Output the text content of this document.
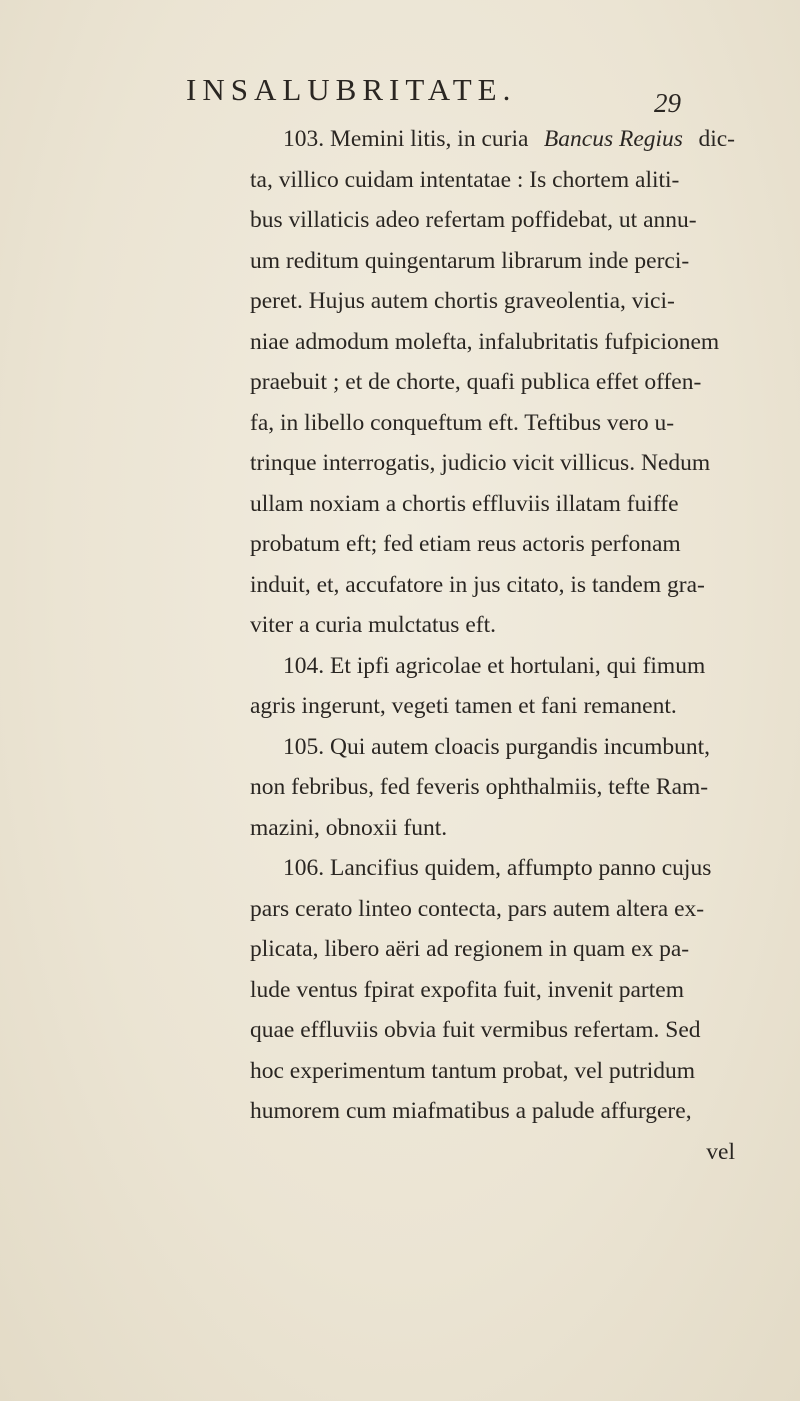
INSALUBRITATE.	29
103. Memini litis, in curia Bancus Regius dic-
ta, villico cuidam intentatae : Is chortem aliti-
bus villaticis adeo refertam poffidebat, ut annu-
um reditum quingentarum librarum inde perci-
peret. Hujus autem chortis graveolentia, vici-
niae admodum molefta, infalubritatis fufpicionem
praebuit ; et de chorte, quafi publica effet offen-
fa, in libello conqueftum eft. Teftibus vero u-
trinque interrogatis, judicio vicit villicus. Nedum
ullam noxiam a chortis effluviis illatam fuiffe
probatum eft; fed etiam reus actoris perfonam
induit, et, accufatore in jus citato, is tandem gra-
viter a curia mulctatus eft.
104. Et ipfi agricolae et hortulani, qui fimum
agris ingerunt, vegeti tamen et fani remanent.
105. Qui autem cloacis purgandis incumbunt,
non febribus, fed feveris ophthalmiis, tefte Ram-
mazini, obnoxii funt.
106. Lancifius quidem, affumpto panno cujus
pars cerato linteo contecta, pars autem altera ex-
plicata, libero aëri ad regionem in quam ex pa-
lude ventus fpirat expofita fuit, invenit partem
quae effluviis obvia fuit vermibus refertam. Sed
hoc experimentum tantum probat, vel putridum
humorem cum miafmatibus a palude affurgere,
vel
